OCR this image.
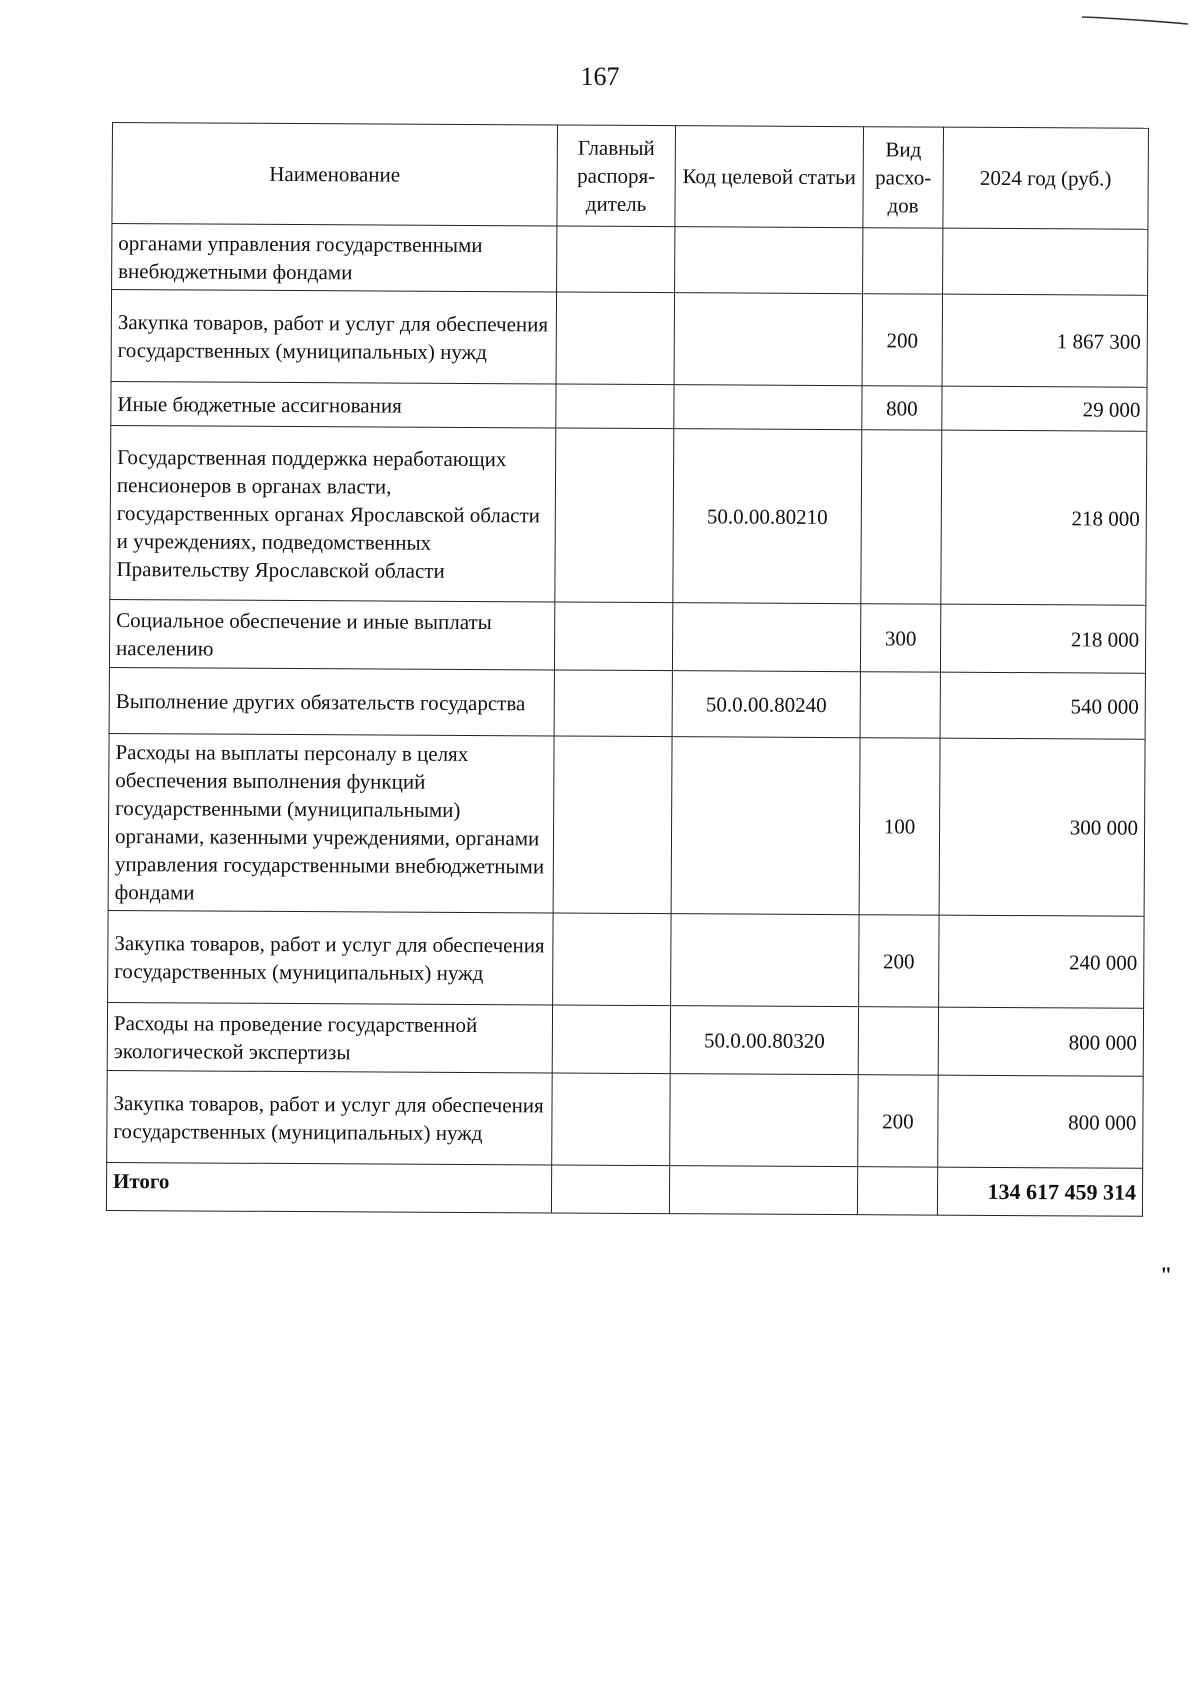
167
Наименование	Главный распоря-дитель	Код целевой статьи	Вид расхо-дов	2024 год (руб.)
органами управления государственными внебюджетными фондами				
Закупка товаров, работ и услуг для обеспечения государственных (муниципальных) нужд			200	1 867 300
Иные бюджетные ассигнования			800	29 000
Государственная поддержка неработающих пенсионеров в органах власти, государственных органах Ярославской области и учреждениях, подведомственных Правительству Ярославской области		50.0.00.80210		218 000
Социальное обеспечение и иные выплаты населению			300	218 000
Выполнение других обязательств государства		50.0.00.80240		540 000
Расходы на выплаты персоналу в целях обеспечения выполнения функций государственными (муниципальными) органами, казенными учреждениями, органами управления государственными внебюджетными фондами			100	300 000
Закупка товаров, работ и услуг для обеспечения государственных (муниципальных) нужд			200	240 000
Расходы на проведение государственной экологической экспертизы		50.0.00.80320		800 000
Закупка товаров, работ и услуг для обеспечения государственных (муниципальных) нужд			200	800 000
Итого				134 617 459 314
"
